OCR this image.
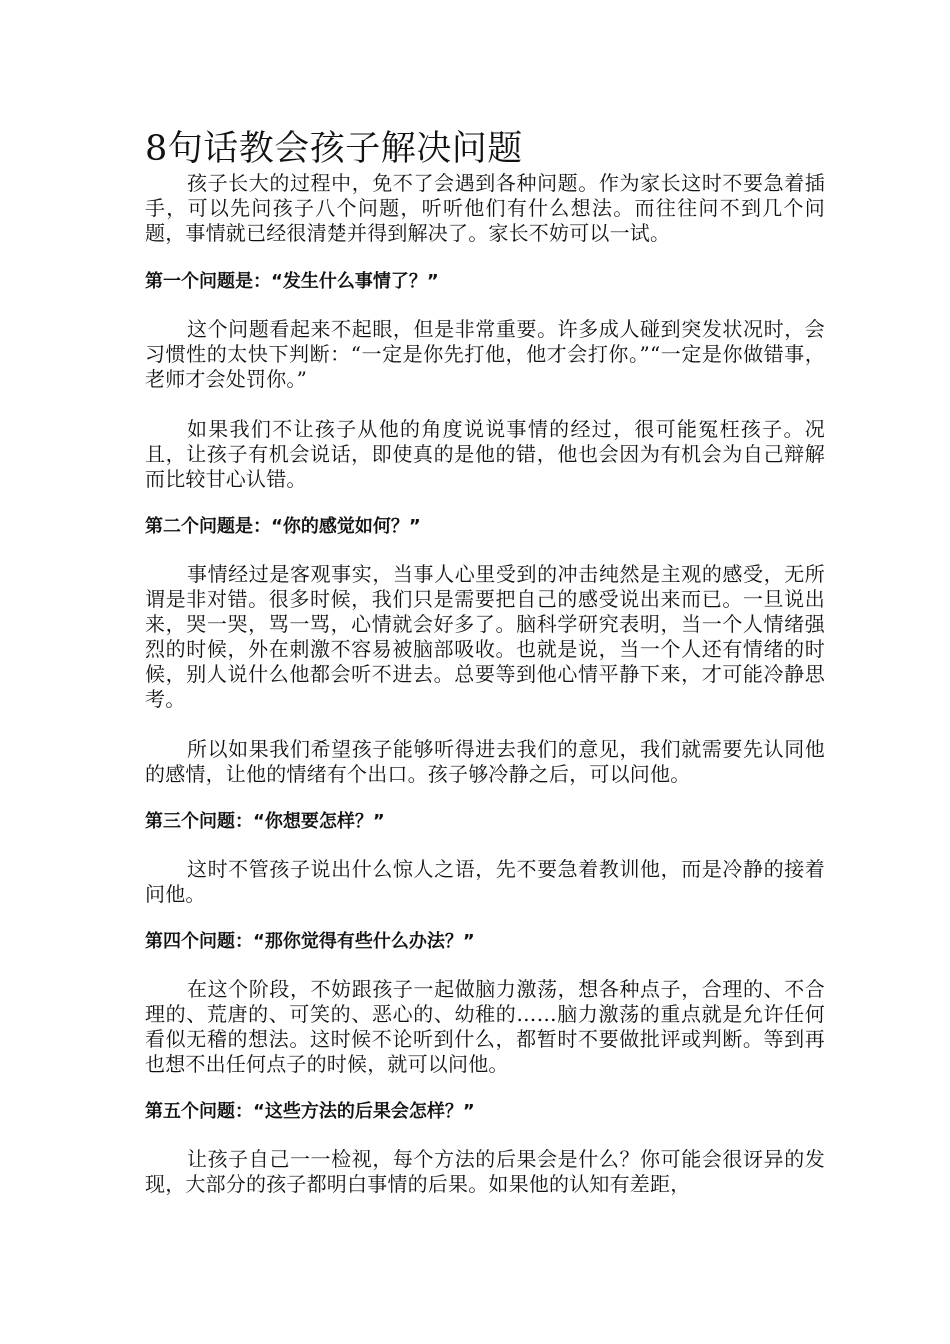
8句话教会孩子解决问题

孩子长大的过程中，免不了会遇到各种问题。作为家长这时不要急着插手，可以先问孩子八个问题，听听他们有什么想法。而往往问不到几个问题，事情就已经很清楚并得到解决了。家长不妨可以一试。

第一个问题是：“发生什么事情了？”

这个问题看起来不起眼，但是非常重要。许多成人碰到突发状况时，会习惯性的太快下判断：“一定是你先打他，他才会打你。”“一定是你做错事，老师才会处罚你。”

如果我们不让孩子从他的角度说说事情的经过，很可能冤枉孩子。况且，让孩子有机会说话，即使真的是他的错，他也会因为有机会为自己辩解而比较甘心认错。

第二个问题是：“你的感觉如何？”

事情经过是客观事实，当事人心里受到的冲击纯然是主观的感受，无所谓是非对错。很多时候，我们只是需要把自己的感受说出来而已。一旦说出来，哭一哭，骂一骂，心情就会好多了。脑科学研究表明，当一个人情绪强烈的时候，外在刺激不容易被脑部吸收。也就是说，当一个人还有情绪的时候，别人说什么他都会听不进去。总要等到他心情平静下来，才可能冷静思考。

所以如果我们希望孩子能够听得进去我们的意见，我们就需要先认同他的感情，让他的情绪有个出口。孩子够冷静之后，可以问他。

第三个问题：“你想要怎样？”

这时不管孩子说出什么惊人之语，先不要急着教训他，而是冷静的接着问他。

第四个问题：“那你觉得有些什么办法？”

在这个阶段，不妨跟孩子一起做脑力激荡，想各种点子，合理的、不合理的、荒唐的、可笑的、恶心的、幼稚的……脑力激荡的重点就是允许任何看似无稽的想法。这时候不论听到什么，都暂时不要做批评或判断。等到再也想不出任何点子的时候，就可以问他。

第五个问题：“这些方法的后果会怎样？”

让孩子自己一一检视，每个方法的后果会是什么？你可能会很讶异的发现，大部分的孩子都明白事情的后果。如果他的认知有差距，
